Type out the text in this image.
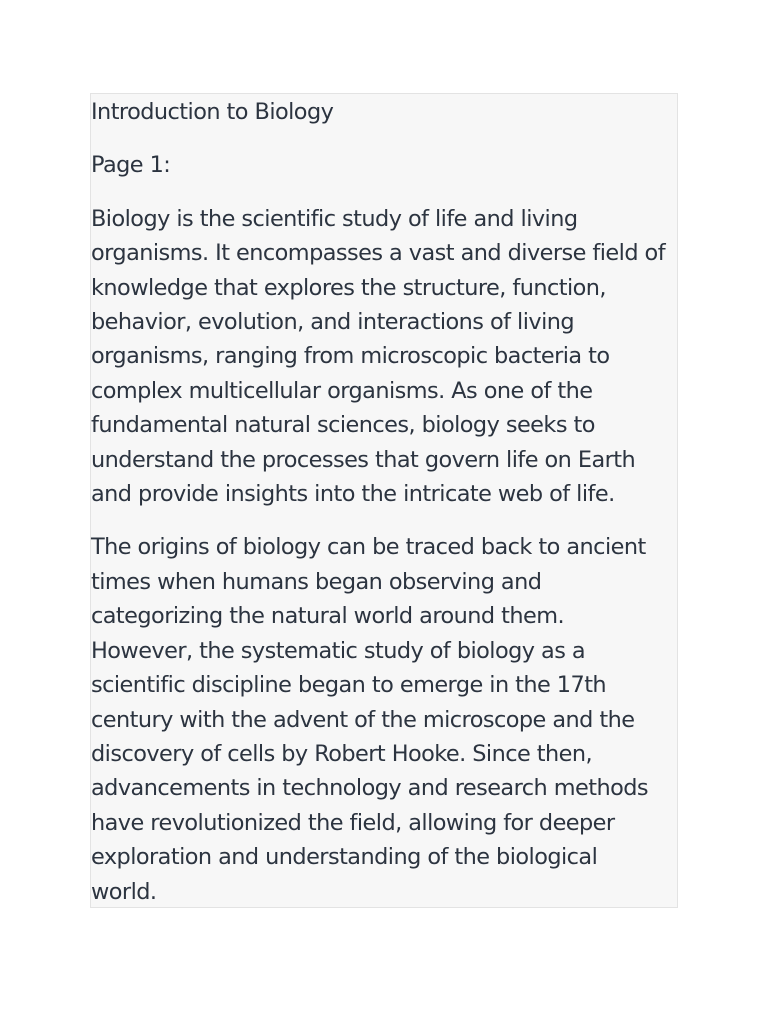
Introduction to Biology

Page 1:

Biology is the scientific study of life and living

organisms. It encompasses a vast and diverse field of

knowledge that explores the structure, function,

behavior, evolution, and interactions of living

organisms, ranging from microscopic bacteria to

complex multicellular organisms. As one of the

fundamental natural sciences, biology seeks to

understand the processes that govern life on Earth

and provide insights into the intricate web of life.

The origins of biology can be traced back to ancient

times when humans began observing and

categorizing the natural world around them.

However, the systematic study of biology as a

scientific discipline began to emerge in the 17th

century with the advent of the microscope and the

discovery of cells by Robert Hooke. Since then,

advancements in technology and research methods

have revolutionized the field, allowing for deeper

exploration and understanding of the biological

world.
